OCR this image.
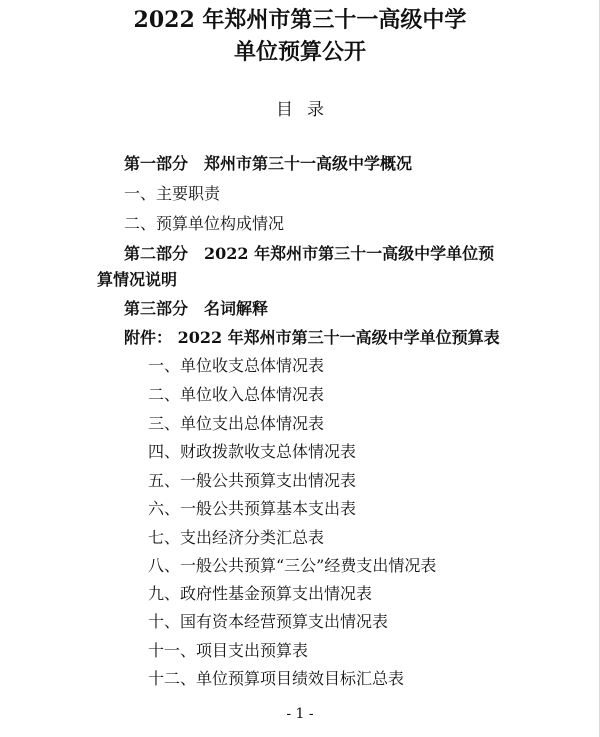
2022 年郑州市第三十一高级中学
单位预算公开
目录
第一部分　郑州市第三十一高级中学概况
一、主要职责
二、预算单位构成情况
第二部分　2022 年郑州市第三十一高级中学单位预
算情况说明
第三部分　名词解释
附件： 2022 年郑州市第三十一高级中学单位预算表
一、单位收支总体情况表
二、单位收入总体情况表
三、单位支出总体情况表
四、财政拨款收支总体情况表
五、一般公共预算支出情况表
六、一般公共预算基本支出表
七、支出经济分类汇总表
八、一般公共预算“三公”经费支出情况表
九、政府性基金预算支出情况表
十、国有资本经营预算支出情况表
十一、项目支出预算表
十二、单位预算项目绩效目标汇总表
- 1 -
